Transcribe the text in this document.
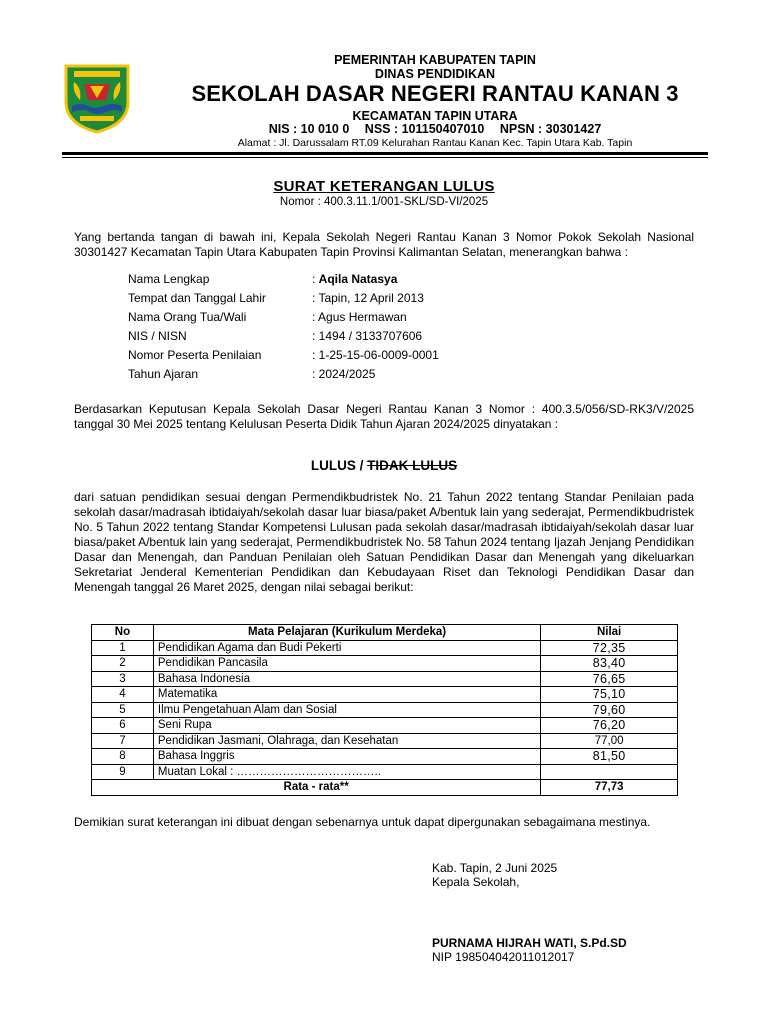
PEMERINTAH KABUPATEN TAPIN
DINAS PENDIDIKAN
SEKOLAH DASAR NEGERI RANTAU KANAN 3
KECAMATAN TAPIN UTARA
NIS : 10 010 0 NSS : 101150407010 NPSN : 30301427
Alamat : Jl. Darussalam RT.09 Kelurahan Rantau Kanan Kec. Tapin Utara Kab. Tapin
SURAT KETERANGAN LULUS
Nomor : 400.3.11.1/001-SKL/SD-VI/2025
Yang bertanda tangan di bawah ini, Kepala Sekolah Negeri Rantau Kanan 3 Nomor Pokok Sekolah Nasional 30301427 Kecamatan Tapin Utara Kabupaten Tapin Provinsi Kalimantan Selatan, menerangkan bahwa :
Nama Lengkap	: Aqila Natasya
Tempat dan Tanggal Lahir	: Tapin, 12 April 2013
Nama Orang Tua/Wali	: Agus Hermawan
NIS / NISN	: 1494 / 3133707606
Nomor Peserta Penilaian	: 1-25-15-06-0009-0001
Tahun Ajaran	: 2024/2025
Berdasarkan Keputusan Kepala Sekolah Dasar Negeri Rantau Kanan 3 Nomor : 400.3.5/056/SD-RK3/V/2025 tanggal 30 Mei 2025 tentang Kelulusan Peserta Didik Tahun Ajaran 2024/2025 dinyatakan :
LULUS / TIDAK LULUS
dari satuan pendidikan sesuai dengan Permendikbudristek No. 21 Tahun 2022 tentang Standar Penilaian pada sekolah dasar/madrasah ibtidaiyah/sekolah dasar luar biasa/paket A/bentuk lain yang sederajat, Permendikbudristek No. 5 Tahun 2022 tentang Standar Kompetensi Lulusan pada sekolah dasar/madrasah ibtidaiyah/sekolah dasar luar biasa/paket A/bentuk lain yang sederajat, Permendikbudristek No. 58 Tahun 2024 tentang Ijazah Jenjang Pendidikan Dasar dan Menengah, dan Panduan Penilaian oleh Satuan Pendidikan Dasar dan Menengah yang dikeluarkan Sekretariat Jenderal Kementerian Pendidikan dan Kebudayaan Riset dan Teknologi Pendidikan Dasar dan Menengah tanggal 26 Maret 2025, dengan nilai sebagai berikut:
No	Mata Pelajaran (Kurikulum Merdeka)	Nilai
1	Pendidikan Agama dan Budi Pekerti	72,35
2	Pendidikan Pancasila	83,40
3	Bahasa Indonesia	76,65
4	Matematika	75,10
5	Ilmu Pengetahuan Alam dan Sosial	79,60
6	Seni Rupa	76,20
7	Pendidikan Jasmani, Olahraga, dan Kesehatan	77,00
8	Bahasa Inggris	81,50
9	Muatan Lokal : ………………………………..	
Rata - rata**		77,73
Demikian surat keterangan ini dibuat dengan sebenarnya untuk dapat dipergunakan sebagaimana mestinya.
Kab. Tapin, 2 Juni 2025
Kepala Sekolah,
PURNAMA HIJRAH WATI, S.Pd.SD
NIP 198504042011012017
